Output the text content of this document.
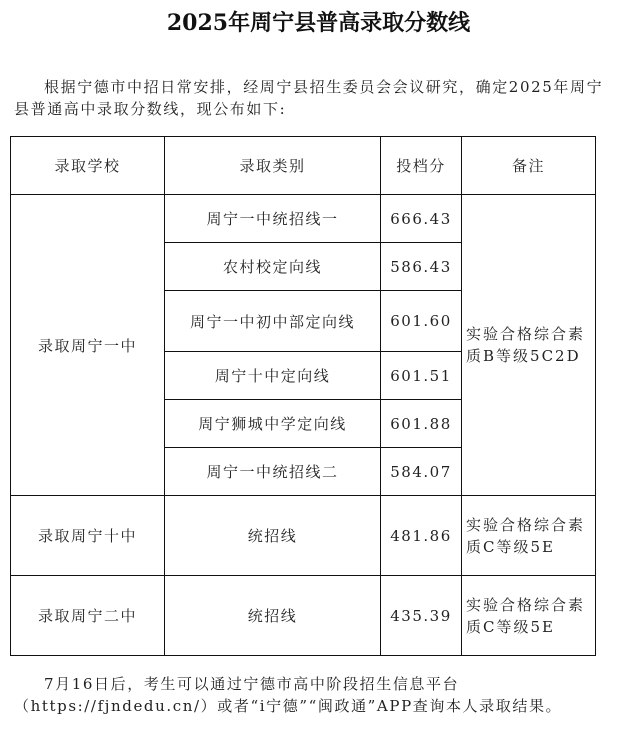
2025年周宁县普高录取分数线
根据宁德市中招日常安排，经周宁县招生委员会会议研究，确定2025年周宁县普通高中录取分数线，现公布如下:
录取学校	录取类别	投档分	备注
录取周宁一中	周宁一中统招线一	666.43	实验合格综合素质B等级5C2D
	农村校定向线	586.43	
	周宁一中初中部定向线	601.60	
	周宁十中定向线	601.51	
	周宁狮城中学定向线	601.88	
	周宁一中统招线二	584.07	
录取周宁十中	统招线	481.86	实验合格综合素质C等级5E
录取周宁二中	统招线	435.39	实验合格综合素质C等级5E
7月16日后，考生可以通过宁德市高中阶段招生信息平台（https://fjndedu.cn/）或者“i宁德”“闽政通”APP查询本人录取结果。
